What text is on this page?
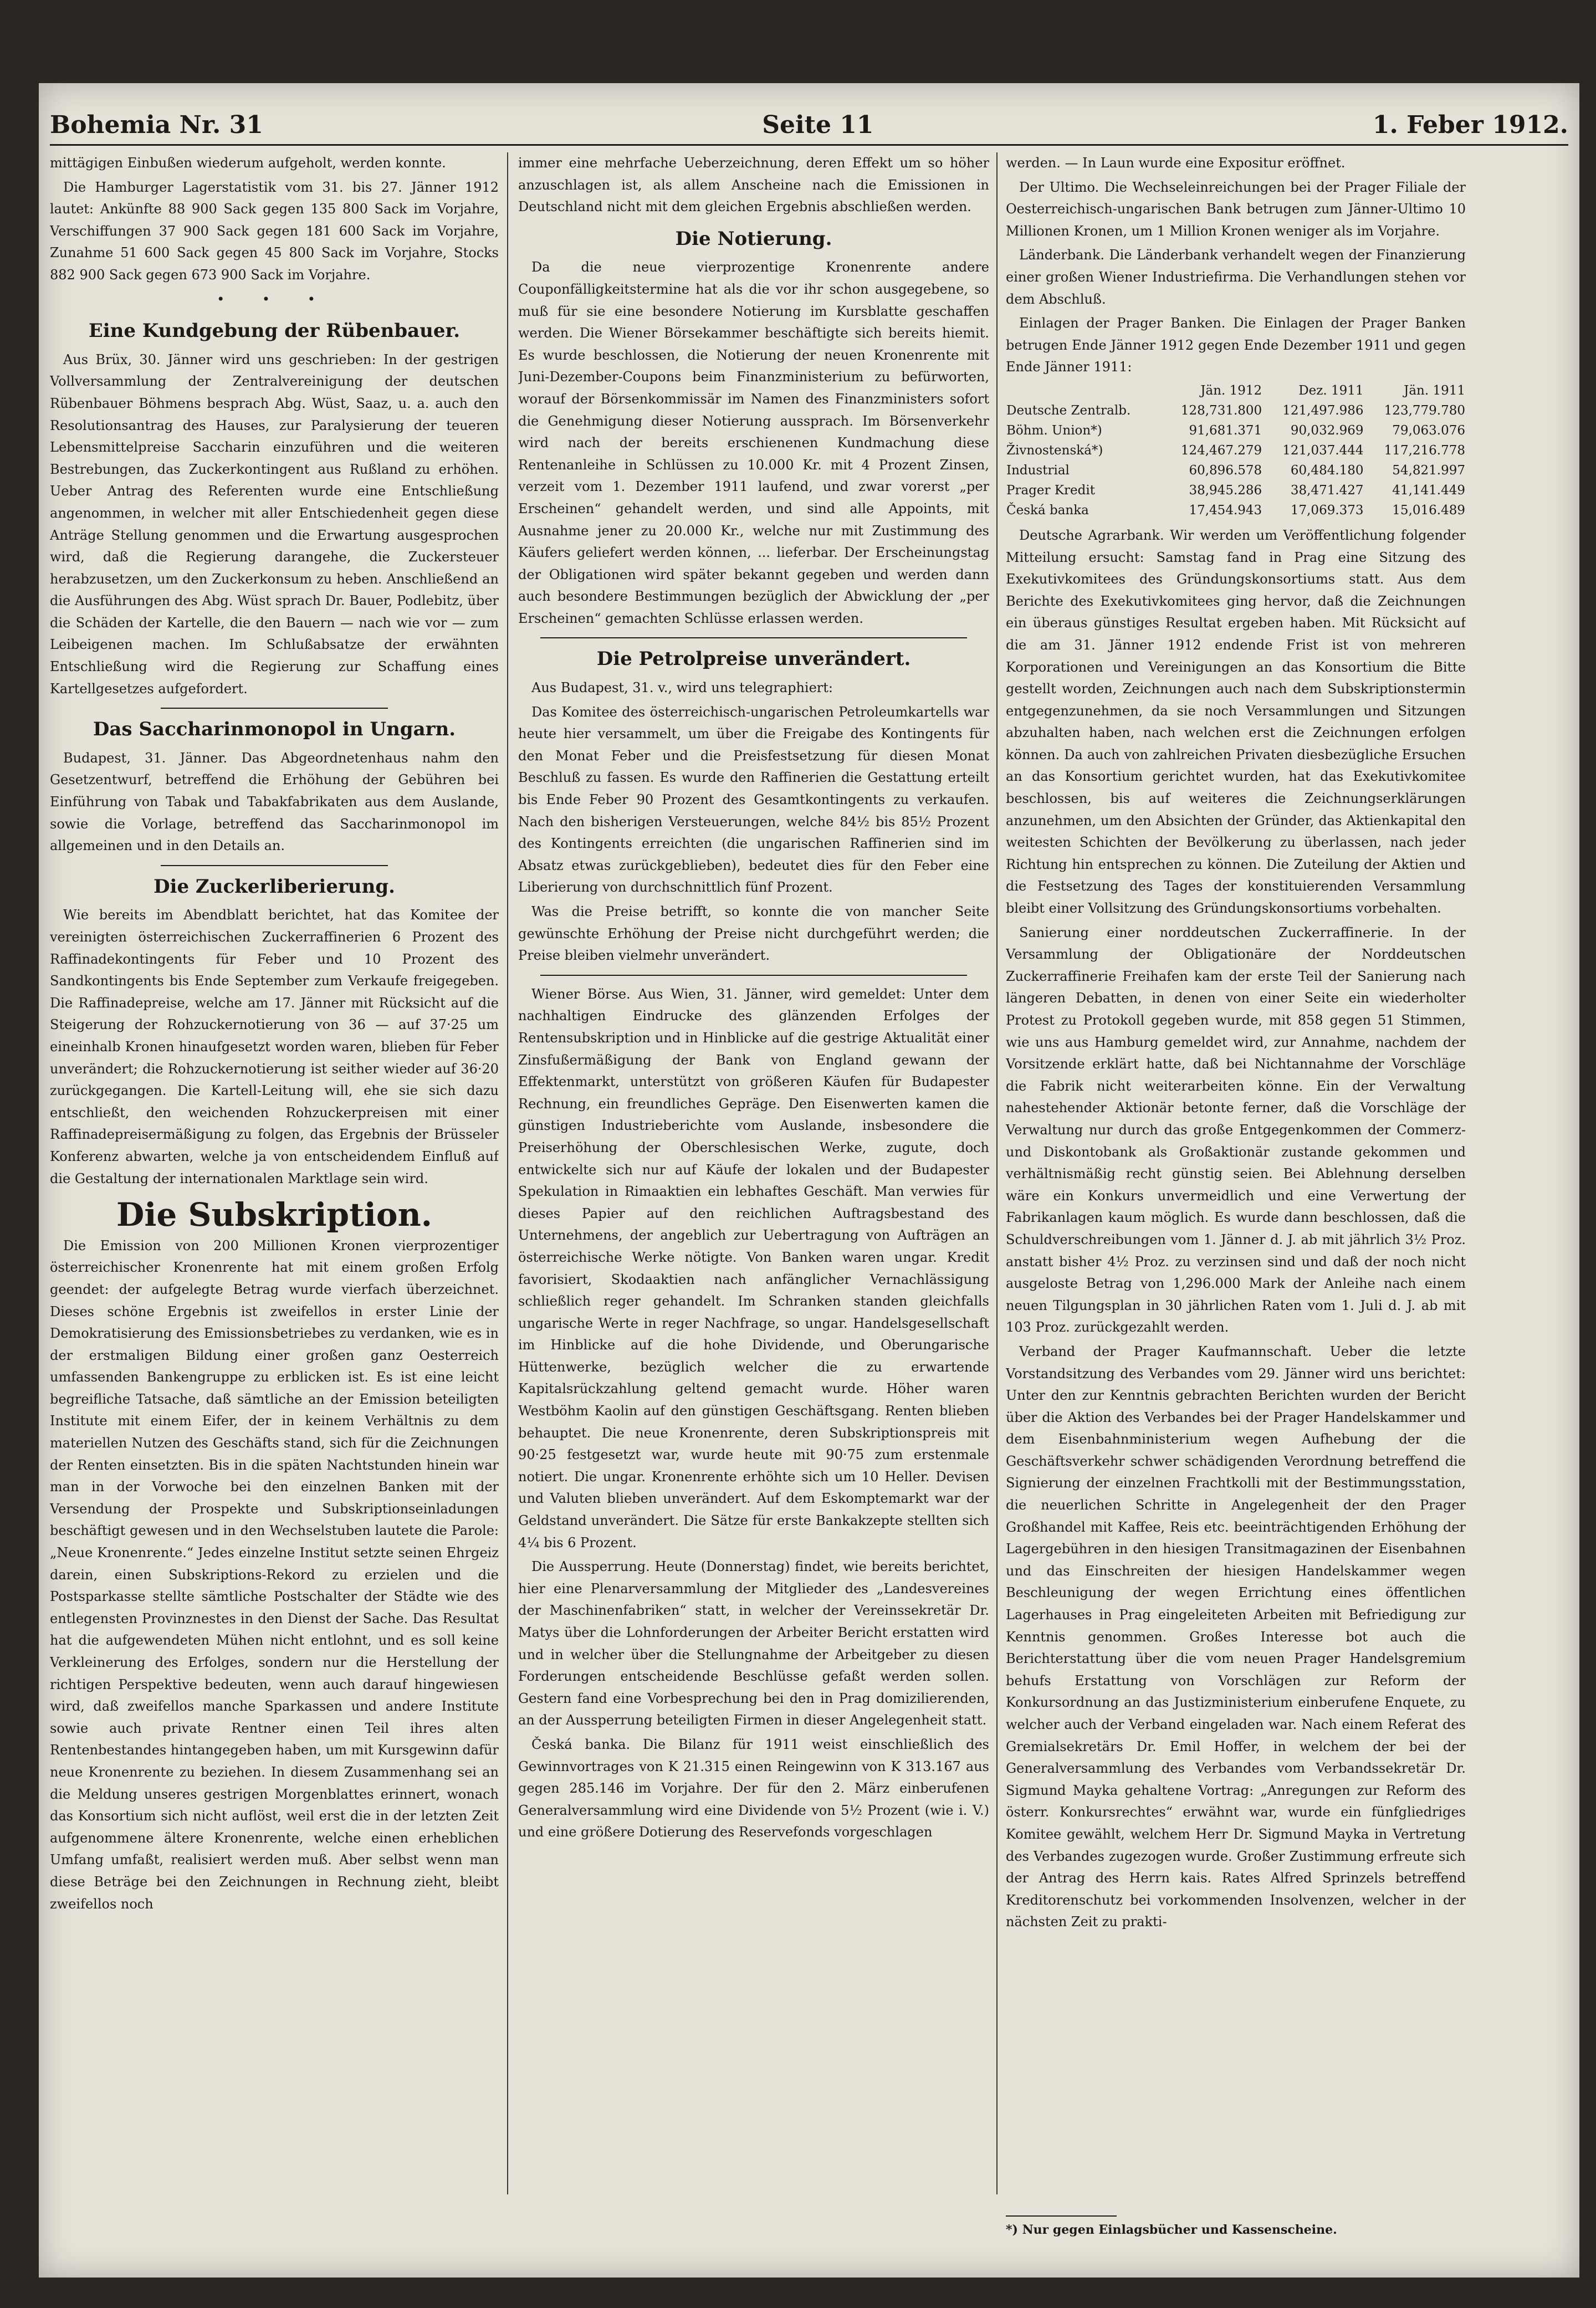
Bohemia Nr. 31	Seite 11	1. Feber 1912.

mittägigen Einbußen wiederum aufgeholt, werden konnte.

Die Hamburger Lagerstatistik vom 31. bis 27. Jänner 1912 lautet: Ankünfte 88 900 Sack gegen 135 800 Sack im Vorjahre, Verschiffungen 37 900 Sack gegen 181 600 Sack im Vorjahre, Zunahme 51 600 Sack gegen 45 800 Sack im Vorjahre, Stocks 882 900 Sack gegen 673 900 Sack im Vorjahre.

• • •
Eine Kundgebung der Rübenbauer.

Aus Brüx, 30. Jänner wird uns geschrieben: In der gestrigen Vollversammlung der Zentralvereinigung der deutschen Rübenbauer Böhmens besprach Abg. Wüst, Saaz, u. a. auch den Resolutionsantrag des Hauses, zur Paralysierung der teueren Lebensmittelpreise Saccharin einzuführen und die weiteren Bestrebungen, das Zuckerkontingent aus Rußland zu erhöhen. Ueber Antrag des Referenten wurde eine Entschließung angenommen, in welcher mit aller Entschiedenheit gegen diese Anträge Stellung genommen und die Erwartung ausgesprochen wird, daß die Regierung darangehe, die Zuckersteuer herabzusetzen, um den Zuckerkonsum zu heben. Anschließend an die Ausführungen des Abg. Wüst sprach Dr. Bauer, Podlebitz, über die Schäden der Kartelle, die den Bauern — nach wie vor — zum Leibeigenen machen. Im Schlußabsatze der erwähnten Entschließung wird die Regierung zur Schaffung eines Kartellgesetzes aufgefordert.

Das Saccharinmonopol in Ungarn.

Budapest, 31. Jänner. Das Abgeordnetenhaus nahm den Gesetzentwurf, betreffend die Erhöhung der Gebühren bei Einführung von Tabak und Tabakfabrikaten aus dem Auslande, sowie die Vorlage, betreffend das Saccharinmonopol im allgemeinen und in den Details an.

Die Zuckerliberierung.

Wie bereits im Abendblatt berichtet, hat das Komitee der vereinigten österreichischen Zuckerraffinerien 6 Prozent des Raffinadekontingents für Feber und 10 Prozent des Sandkontingents bis Ende September zum Verkaufe freigegeben. Die Raffinadepreise, welche am 17. Jänner mit Rücksicht auf die Steigerung der Rohzuckernotierung von 36 — auf 37·25 um eineinhalb Kronen hinaufgesetzt worden waren, blieben für Feber unverändert; die Rohzuckernotierung ist seither wieder auf 36·20 zurückgegangen. Die Kartell-Leitung will, ehe sie sich dazu entschließt, den weichenden Rohzuckerpreisen mit einer Raffinadepreisermäßigung zu folgen, das Ergebnis der Brüsseler Konferenz abwarten, welche ja von entscheidendem Einfluß auf die Gestaltung der internationalen Marktlage sein wird.

Die Subskription.

Die Emission von 200 Millionen Kronen vierprozentiger österreichischer Kronenrente hat mit einem großen Erfolg geendet: der aufgelegte Betrag wurde vierfach überzeichnet. Dieses schöne Ergebnis ist zweifellos in erster Linie der Demokratisierung des Emissionsbetriebes zu verdanken, wie es in der erstmaligen Bildung einer großen ganz Oesterreich umfassenden Bankengruppe zu erblicken ist. Es ist eine leicht begreifliche Tatsache, daß sämtliche an der Emission beteiligten Institute mit einem Eifer, der in keinem Verhältnis zu dem materiellen Nutzen des Geschäfts stand, sich für die Zeichnungen der Renten einsetzten. Bis in die späten Nachtstunden hinein war man in der Vorwoche bei den einzelnen Banken mit der Versendung der Prospekte und Subskriptionseinladungen beschäftigt gewesen und in den Wechselstuben lautete die Parole: „Neue Kronenrente.“ Jedes einzelne Institut setzte seinen Ehrgeiz darein, einen Subskriptions-Rekord zu erzielen und die Postsparkasse stellte sämtliche Postschalter der Städte wie des entlegensten Provinznestes in den Dienst der Sache. Das Resultat hat die aufgewendeten Mühen nicht entlohnt, und es soll keine Verkleinerung des Erfolges, sondern nur die Herstellung der richtigen Perspektive bedeuten, wenn auch darauf hingewiesen wird, daß zweifellos manche Sparkassen und andere Institute sowie auch private Rentner einen Teil ihres alten Rentenbestandes hintangegeben haben, um mit Kursgewinn dafür neue Kronenrente zu beziehen. In diesem Zusammenhang sei an die Meldung unseres gestrigen Morgenblattes erinnert, wonach das Konsortium sich nicht auflöst, weil erst die in der letzten Zeit aufgenommene ältere Kronenrente, welche einen erheblichen Umfang umfaßt, realisiert werden muß. Aber selbst wenn man diese Beträge bei den Zeichnungen in Rechnung zieht, bleibt zweifellos noch

immer eine mehrfache Ueberzeichnung, deren Effekt um so höher anzuschlagen ist, als allem Anscheine nach die Emissionen in Deutschland nicht mit dem gleichen Ergebnis abschließen werden.

Die Notierung.

Da die neue vierprozentige Kronenrente andere Couponfälligkeitstermine hat als die vor ihr schon ausgegebene, so muß für sie eine besondere Notierung im Kursblatte geschaffen werden. Die Wiener Börsekammer beschäftigte sich bereits hiemit. Es wurde beschlossen, die Notierung der neuen Kronenrente mit Juni-Dezember-Coupons beim Finanzministerium zu befürworten, worauf der Börsenkommissär im Namen des Finanzministers sofort die Genehmigung dieser Notierung aussprach. Im Börsenverkehr wird nach der bereits erschienenen Kundmachung diese Rentenanleihe in Schlüssen zu 10.000 Kr. mit 4 Prozent Zinsen, verzeit vom 1. Dezember 1911 laufend, und zwar vorerst „per Erscheinen“ gehandelt werden, und sind alle Appoints, mit Ausnahme jener zu 20.000 Kr., welche nur mit Zustimmung des Käufers geliefert werden können, ... lieferbar. Der Erscheinungstag der Obligationen wird später bekannt gegeben und werden dann auch besondere Bestimmungen bezüglich der Abwicklung der „per Erscheinen“ gemachten Schlüsse erlassen werden.

Die Petrolpreise unverändert.

Aus Budapest, 31. v., wird uns telegraphiert:

Das Komitee des österreichisch-ungarischen Petroleumkartells war heute hier versammelt, um über die Freigabe des Kontingents für den Monat Feber und die Preisfestsetzung für diesen Monat Beschluß zu fassen. Es wurde den Raffinerien die Gestattung erteilt bis Ende Feber 90 Prozent des Gesamtkontingents zu verkaufen. Nach den bisherigen Versteuerungen, welche 84½ bis 85½ Prozent des Kontingents erreichten (die ungarischen Raffinerien sind im Absatz etwas zurückgeblieben), bedeutet dies für den Feber eine Liberierung von durchschnittlich fünf Prozent.

Was die Preise betrifft, so konnte die von mancher Seite gewünschte Erhöhung der Preise nicht durchgeführt werden; die Preise bleiben vielmehr unverändert.

Wiener Börse. Aus Wien, 31. Jänner, wird gemeldet: Unter dem nachhaltigen Eindrucke des glänzenden Erfolges der Rentensubskription und in Hinblicke auf die gestrige Aktualität einer Zinsfußermäßigung der Bank von England gewann der Effektenmarkt, unterstützt von größeren Käufen für Budapester Rechnung, ein freundliches Gepräge. Den Eisenwerten kamen die günstigen Industrieberichte vom Auslande, insbesondere die Preiserhöhung der Oberschlesischen Werke, zugute, doch entwickelte sich nur auf Käufe der lokalen und der Budapester Spekulation in Rimaaktien ein lebhaftes Geschäft. Man verwies für dieses Papier auf den reichlichen Auftragsbestand des Unternehmens, der angeblich zur Uebertragung von Aufträgen an österreichische Werke nötigte. Von Banken waren ungar. Kredit favorisiert, Skodaaktien nach anfänglicher Vernachlässigung schließlich reger gehandelt. Im Schranken standen gleichfalls ungarische Werte in reger Nachfrage, so ungar. Handelsgesellschaft im Hinblicke auf die hohe Dividende, und Oberungarische Hüttenwerke, bezüglich welcher die zu erwartende Kapitalsrückzahlung geltend gemacht wurde. Höher waren Westböhm Kaolin auf den günstigen Geschäftsgang. Renten blieben behauptet. Die neue Kronenrente, deren Subskriptionspreis mit 90·25 festgesetzt war, wurde heute mit 90·75 zum erstenmale notiert. Die ungar. Kronenrente erhöhte sich um 10 Heller. Devisen und Valuten blieben unverändert. Auf dem Eskomptemarkt war der Geldstand unverändert. Die Sätze für erste Bankakzepte stellten sich 4¼ bis 6 Prozent.

Die Aussperrung. Heute (Donnerstag) findet, wie bereits berichtet, hier eine Plenarversammlung der Mitglieder des „Landesvereines der Maschinenfabriken“ statt, in welcher der Vereinssekretär Dr. Matys über die Lohnforderungen der Arbeiter Bericht erstatten wird und in welcher über die Stellungnahme der Arbeitgeber zu diesen Forderungen entscheidende Beschlüsse gefaßt werden sollen. Gestern fand eine Vorbesprechung bei den in Prag domizilierenden, an der Aussperrung beteiligten Firmen in dieser Angelegenheit statt.

Česká banka. Die Bilanz für 1911 weist einschließlich des Gewinnvortrages von K 21.315 einen Reingewinn von K 313.167 aus gegen 285.146 im Vorjahre. Der für den 2. März einberufenen Generalversammlung wird eine Dividende von 5½ Prozent (wie i. V.) und eine größere Dotierung des Reservefonds vorgeschlagen

werden. — In Laun wurde eine Expositur eröffnet.

Der Ultimo. Die Wechseleinreichungen bei der Prager Filiale der Oesterreichisch-ungarischen Bank betrugen zum Jänner-Ultimo 10 Millionen Kronen, um 1 Million Kronen weniger als im Vorjahre.

Länderbank. Die Länderbank verhandelt wegen der Finanzierung einer großen Wiener Industriefirma. Die Verhandlungen stehen vor dem Abschluß.

Einlagen der Prager Banken. Die Einlagen der Prager Banken betrugen Ende Jänner 1912 gegen Ende Dezember 1911 und gegen Ende Jänner 1911:

	Jän. 1912	Dez. 1911	Jän. 1911
Deutsche Zentralb.	128,731.800	121,497.986	123,779.780
Böhm. Union*)	91,681.371	90,032.969	79,063.076
Živnostenská*)	124,467.279	121,037.444	117,216.778
Industrial	60,896.578	60,484.180	54,821.997
Prager Kredit	38,945.286	38,471.427	41,141.449
Česká banka	17,454.943	17,069.373	15,016.489

Deutsche Agrarbank. Wir werden um Veröffentlichung folgender Mitteilung ersucht: Samstag fand in Prag eine Sitzung des Exekutivkomitees des Gründungskonsortiums statt. Aus dem Berichte des Exekutivkomitees ging hervor, daß die Zeichnungen ein überaus günstiges Resultat ergeben haben. Mit Rücksicht auf die am 31. Jänner 1912 endende Frist ist von mehreren Korporationen und Vereinigungen an das Konsortium die Bitte gestellt worden, Zeichnungen auch nach dem Subskriptionstermin entgegenzunehmen, da sie noch Versammlungen und Sitzungen abzuhalten haben, nach welchen erst die Zeichnungen erfolgen können. Da auch von zahlreichen Privaten diesbezügliche Ersuchen an das Konsortium gerichtet wurden, hat das Exekutivkomitee beschlossen, bis auf weiteres die Zeichnungserklärungen anzunehmen, um den Absichten der Gründer, das Aktienkapital den weitesten Schichten der Bevölkerung zu überlassen, nach jeder Richtung hin entsprechen zu können. Die Zuteilung der Aktien und die Festsetzung des Tages der konstituierenden Versammlung bleibt einer Vollsitzung des Gründungskonsortiums vorbehalten.

Sanierung einer norddeutschen Zuckerraffinerie. In der Versammlung der Obligationäre der Norddeutschen Zuckerraffinerie Freihafen kam der erste Teil der Sanierung nach längeren Debatten, in denen von einer Seite ein wiederholter Protest zu Protokoll gegeben wurde, mit 858 gegen 51 Stimmen, wie uns aus Hamburg gemeldet wird, zur Annahme, nachdem der Vorsitzende erklärt hatte, daß bei Nichtannahme der Vorschläge die Fabrik nicht weiterarbeiten könne. Ein der Verwaltung nahestehender Aktionär betonte ferner, daß die Vorschläge der Verwaltung nur durch das große Entgegenkommen der Commerz- und Diskontobank als Großaktionär zustande gekommen und verhältnismäßig recht günstig seien. Bei Ablehnung derselben wäre ein Konkurs unvermeidlich und eine Verwertung der Fabrikanlagen kaum möglich. Es wurde dann beschlossen, daß die Schuldverschreibungen vom 1. Jänner d. J. ab mit jährlich 3½ Proz. anstatt bisher 4½ Proz. zu verzinsen sind und daß der noch nicht ausgeloste Betrag von 1,296.000 Mark der Anleihe nach einem neuen Tilgungsplan in 30 jährlichen Raten vom 1. Juli d. J. ab mit 103 Proz. zurückgezahlt werden.

Verband der Prager Kaufmannschaft. Ueber die letzte Vorstandsitzung des Verbandes vom 29. Jänner wird uns berichtet: Unter den zur Kenntnis gebrachten Berichten wurden der Bericht über die Aktion des Verbandes bei der Prager Handelskammer und dem Eisenbahnministerium wegen Aufhebung der die Geschäftsverkehr schwer schädigenden Verordnung betreffend die Signierung der einzelnen Frachtkolli mit der Bestimmungsstation, die neuerlichen Schritte in Angelegenheit der den Prager Großhandel mit Kaffee, Reis etc. beeinträchtigenden Erhöhung der Lagergebühren in den hiesigen Transitmagazinen der Eisenbahnen und das Einschreiten der hiesigen Handelskammer wegen Beschleunigung der wegen Errichtung eines öffentlichen Lagerhauses in Prag eingeleiteten Arbeiten mit Befriedigung zur Kenntnis genommen. Großes Interesse bot auch die Berichterstattung über die vom neuen Prager Handelsgremium behufs Erstattung von Vorschlägen zur Reform der Konkursordnung an das Justizministerium einberufene Enquete, zu welcher auch der Verband eingeladen war. Nach einem Referat des Gremialsekretärs Dr. Emil Hoffer, in welchem der bei der Generalversammlung des Verbandes vom Verbandssekretär Dr. Sigmund Mayka gehaltene Vortrag: „Anregungen zur Reform des österr. Konkursrechtes“ erwähnt war, wurde ein fünfgliedriges Komitee gewählt, welchem Herr Dr. Sigmund Mayka in Vertretung des Verbandes zugezogen wurde. Großer Zustimmung erfreute sich der Antrag des Herrn kais. Rates Alfred Sprinzels betreffend Kreditorenschutz bei vorkommenden Insolvenzen, welcher in der nächsten Zeit zu prakti-

*) Nur gegen Einlagsbücher und Kassenscheine.
